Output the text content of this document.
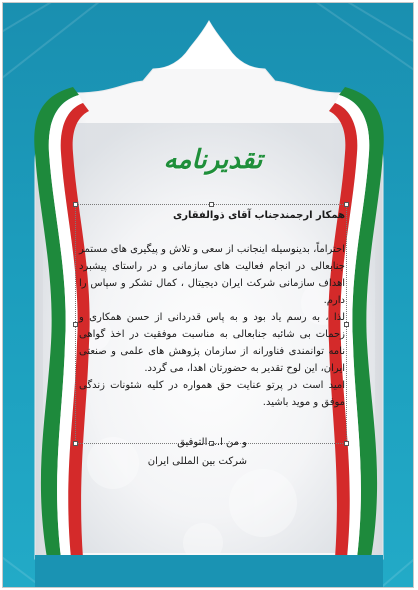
تقدیرنامه

همکار ارجمندجناب آقای ذوالفقاری

احتراماً، بدینوسیله اینجانب از سعی و تلاش و پیگیری های مستمر جنابعالی در انجام فعالیت های سازمانی و در راستای پیشبرد اهداف سازمانی شرکت ایران دیجیتال ، کمال تشکر و سپاس را دارم.

لذا ، به رسم یاد بود و به پاس قدردانی از حسن همکاری و زحمات بی شائبه جنابعالی به مناسبت موفقیت در اخذ گواهی نامه توانمندی فناورانه از سازمان پژوهش های علمی و صنعتی ایران، این لوح تقدیر به حضورتان اهدا، می گردد.

امید است در پرتو عنایت حق همواره در کلیه شئونات زندگی موفق و موید باشید.

و من ا... التوفیق
شرکت بین المللی ایران
